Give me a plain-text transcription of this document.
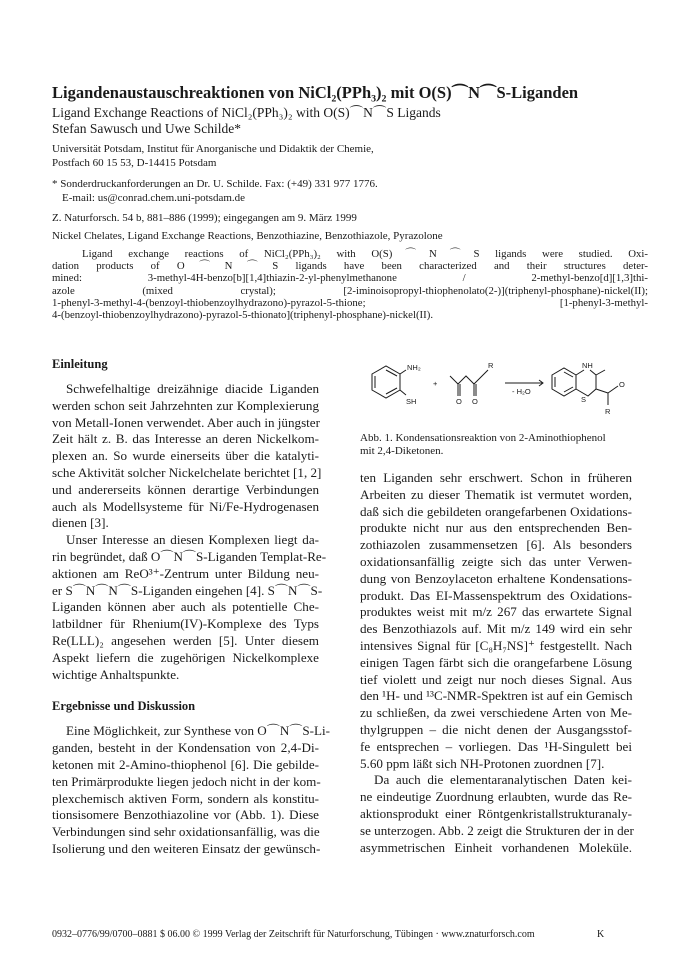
Ligandenaustauschreaktionen von NiCl₂(PPh₃)₂ mit O(S)⌒N⌒S-Liganden
Ligand Exchange Reactions of NiCl₂(PPh₃)₂ with O(S)⌒N⌒S Ligands
Stefan Sawusch und Uwe Schilde*
Universität Potsdam, Institut für Anorganische und Didaktik der Chemie,
Postfach 60 15 53, D-14415 Potsdam
* Sonderdruckanforderungen an Dr. U. Schilde. Fax: (+49) 331 977 1776.
E-mail: us@conrad.chem.uni-potsdam.de
Z. Naturforsch. 54 b, 881–886 (1999); eingegangen am 9. März 1999
Nickel Chelates, Ligand Exchange Reactions, Benzothiazine, Benzothiazole, Pyrazolone
Ligand exchange reactions of NiCl₂(PPh₃)₂ with O(S)⌒N⌒S ligands were studied. Oxi-
dation products of O⌒N⌒S ligands have been characterized and their structures deter-
mined: 3-methyl-4H-benzo[b][1,4]thiazin-2-yl-phenylmethanone / 2-methyl-benzo[d][1,3]thi-
azole (mixed crystal); [2-iminoisopropyl-thiophenolato(2-)](triphenyl-phosphane)-nickel(II);
1-phenyl-3-methyl-4-(benzoyl-thiobenzoylhydrazono)-pyrazol-5-thione; [1-phenyl-3-methyl-
4-(benzoyl-thiobenzoylhydrazono)-pyrazol-5-thionato](triphenyl-phosphane)-nickel(II).
Einleitung
Schwefelhaltige dreizähnige diacide Liganden
werden schon seit Jahrzehnten zur Komplexierung
von Metall-Ionen verwendet. Aber auch in jüngster
Zeit hält z. B. das Interesse an deren Nickelkom-
plexen an. So wurde einerseits über die katalyti-
sche Aktivität solcher Nickelchelate berichtet [1, 2]
und andererseits können derartige Verbindungen
auch als Modellsysteme für Ni/Fe-Hydrogenasen
dienen [3].
Unser Interesse an diesen Komplexen liegt da-
rin begründet, daß O⌒N⌒S-Liganden Templat-Re-
aktionen am ReO³⁺-Zentrum unter Bildung neu-
er S⌒N⌒N⌒S-Liganden eingehen [4]. S⌒N⌒S-
Liganden können aber auch als potentielle Che-
latbildner für Rhenium(IV)-Komplexe des Typs
Re(LLL)₂ angesehen werden [5]. Unter diesem
Aspekt liefern die zugehörigen Nickelkomplexe
wichtige Anhaltspunkte.
Ergebnisse und Diskussion
Eine Möglichkeit, zur Synthese von O⌒N⌒S-Li-
ganden, besteht in der Kondensation von 2,4-Di-
ketonen mit 2-Amino-thiophenol [6]. Die gebilde-
ten Primärprodukte liegen jedoch nicht in der kom-
plexchemisch aktiven Form, sondern als konstitu-
tionsisomere Benzothiazoline vor (Abb. 1). Diese
Verbindungen sind sehr oxidationsanfällig, was die
Isolierung und den weiteren Einsatz der gewünsch-
NH₂
SH
+
O O
R
- H₂O
NH
S
O
R
Abb. 1. Kondensationsreaktion von 2-Aminothiophenol
mit 2,4-Diketonen.
ten Liganden sehr erschwert. Schon in früheren
Arbeiten zu dieser Thematik ist vermutet worden,
daß sich die gebildeten orangefarbenen Oxidations-
produkte nicht nur aus den entsprechenden Ben-
zothiazolen zusammensetzen [6]. Als besonders
oxidationsanfällig zeigte sich das unter Verwen-
dung von Benzoylaceton erhaltene Kondensations-
produkt. Das EI-Massenspektrum des Oxidations-
produktes weist mit m/z 267 das erwartete Signal
des Benzothiazols auf. Mit m/z 149 wird ein sehr
intensives Signal für [C₈H₇NS]⁺ festgestellt. Nach
einigen Tagen färbt sich die orangefarbene Lösung
tief violett und zeigt nur noch dieses Signal. Aus
den ¹H- und ¹³C-NMR-Spektren ist auf ein Gemisch
zu schließen, da zwei verschiedene Arten von Me-
thylgruppen – die nicht denen der Ausgangsstof-
fe entsprechen – vorliegen. Das ¹H-Singulett bei
5.60 ppm läßt sich NH-Protonen zuordnen [7].
Da auch die elementaranalytischen Daten kei-
ne eindeutige Zuordnung erlaubten, wurde das Re-
aktionsprodukt einer Röntgenkristallstrukturanaly-
se unterzogen. Abb. 2 zeigt die Strukturen der in der
asymmetrischen Einheit vorhandenen Moleküle.
0932–0776/99/0700–0881 $ 06.00 © 1999 Verlag der Zeitschrift für Naturforschung, Tübingen · www.znaturforsch.com	K
